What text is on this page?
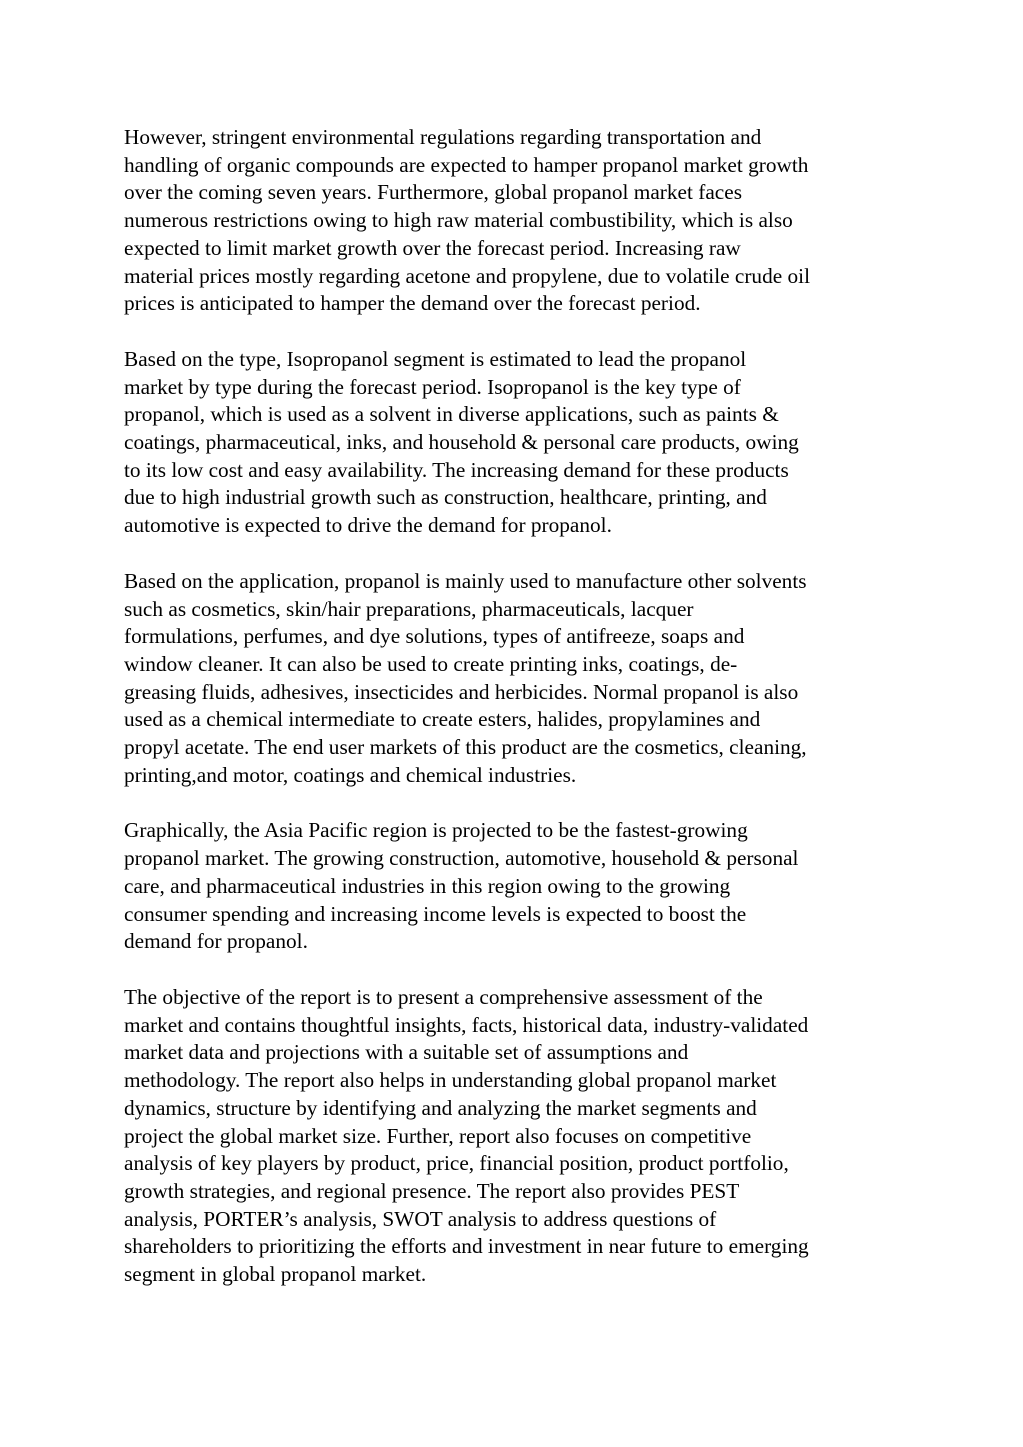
However, stringent environmental regulations regarding transportation and
handling of organic compounds are expected to hamper propanol market growth
over the coming seven years. Furthermore, global propanol market faces
numerous restrictions owing to high raw material combustibility, which is also
expected to limit market growth over the forecast period. Increasing raw
material prices mostly regarding acetone and propylene, due to volatile crude oil
prices is anticipated to hamper the demand over the forecast period.

Based on the type, Isopropanol segment is estimated to lead the propanol
market by type during the forecast period. Isopropanol is the key type of
propanol, which is used as a solvent in diverse applications, such as paints &
coatings, pharmaceutical, inks, and household & personal care products, owing
to its low cost and easy availability. The increasing demand for these products
due to high industrial growth such as construction, healthcare, printing, and
automotive is expected to drive the demand for propanol.

Based on the application, propanol is mainly used to manufacture other solvents
such as cosmetics, skin/hair preparations, pharmaceuticals, lacquer
formulations, perfumes, and dye solutions, types of antifreeze, soaps and
window cleaner. It can also be used to create printing inks, coatings, de-
greasing fluids, adhesives, insecticides and herbicides. Normal propanol is also
used as a chemical intermediate to create esters, halides, propylamines and
propyl acetate. The end user markets of this product are the cosmetics, cleaning,
printing,and motor, coatings and chemical industries.

Graphically, the Asia Pacific region is projected to be the fastest-growing
propanol market. The growing construction, automotive, household & personal
care, and pharmaceutical industries in this region owing to the growing
consumer spending and increasing income levels is expected to boost the
demand for propanol.

The objective of the report is to present a comprehensive assessment of the
market and contains thoughtful insights, facts, historical data, industry-validated
market data and projections with a suitable set of assumptions and
methodology. The report also helps in understanding global propanol market
dynamics, structure by identifying and analyzing the market segments and
project the global market size. Further, report also focuses on competitive
analysis of key players by product, price, financial position, product portfolio,
growth strategies, and regional presence. The report also provides PEST
analysis, PORTER’s analysis, SWOT analysis to address questions of
shareholders to prioritizing the efforts and investment in near future to emerging
segment in global propanol market.
